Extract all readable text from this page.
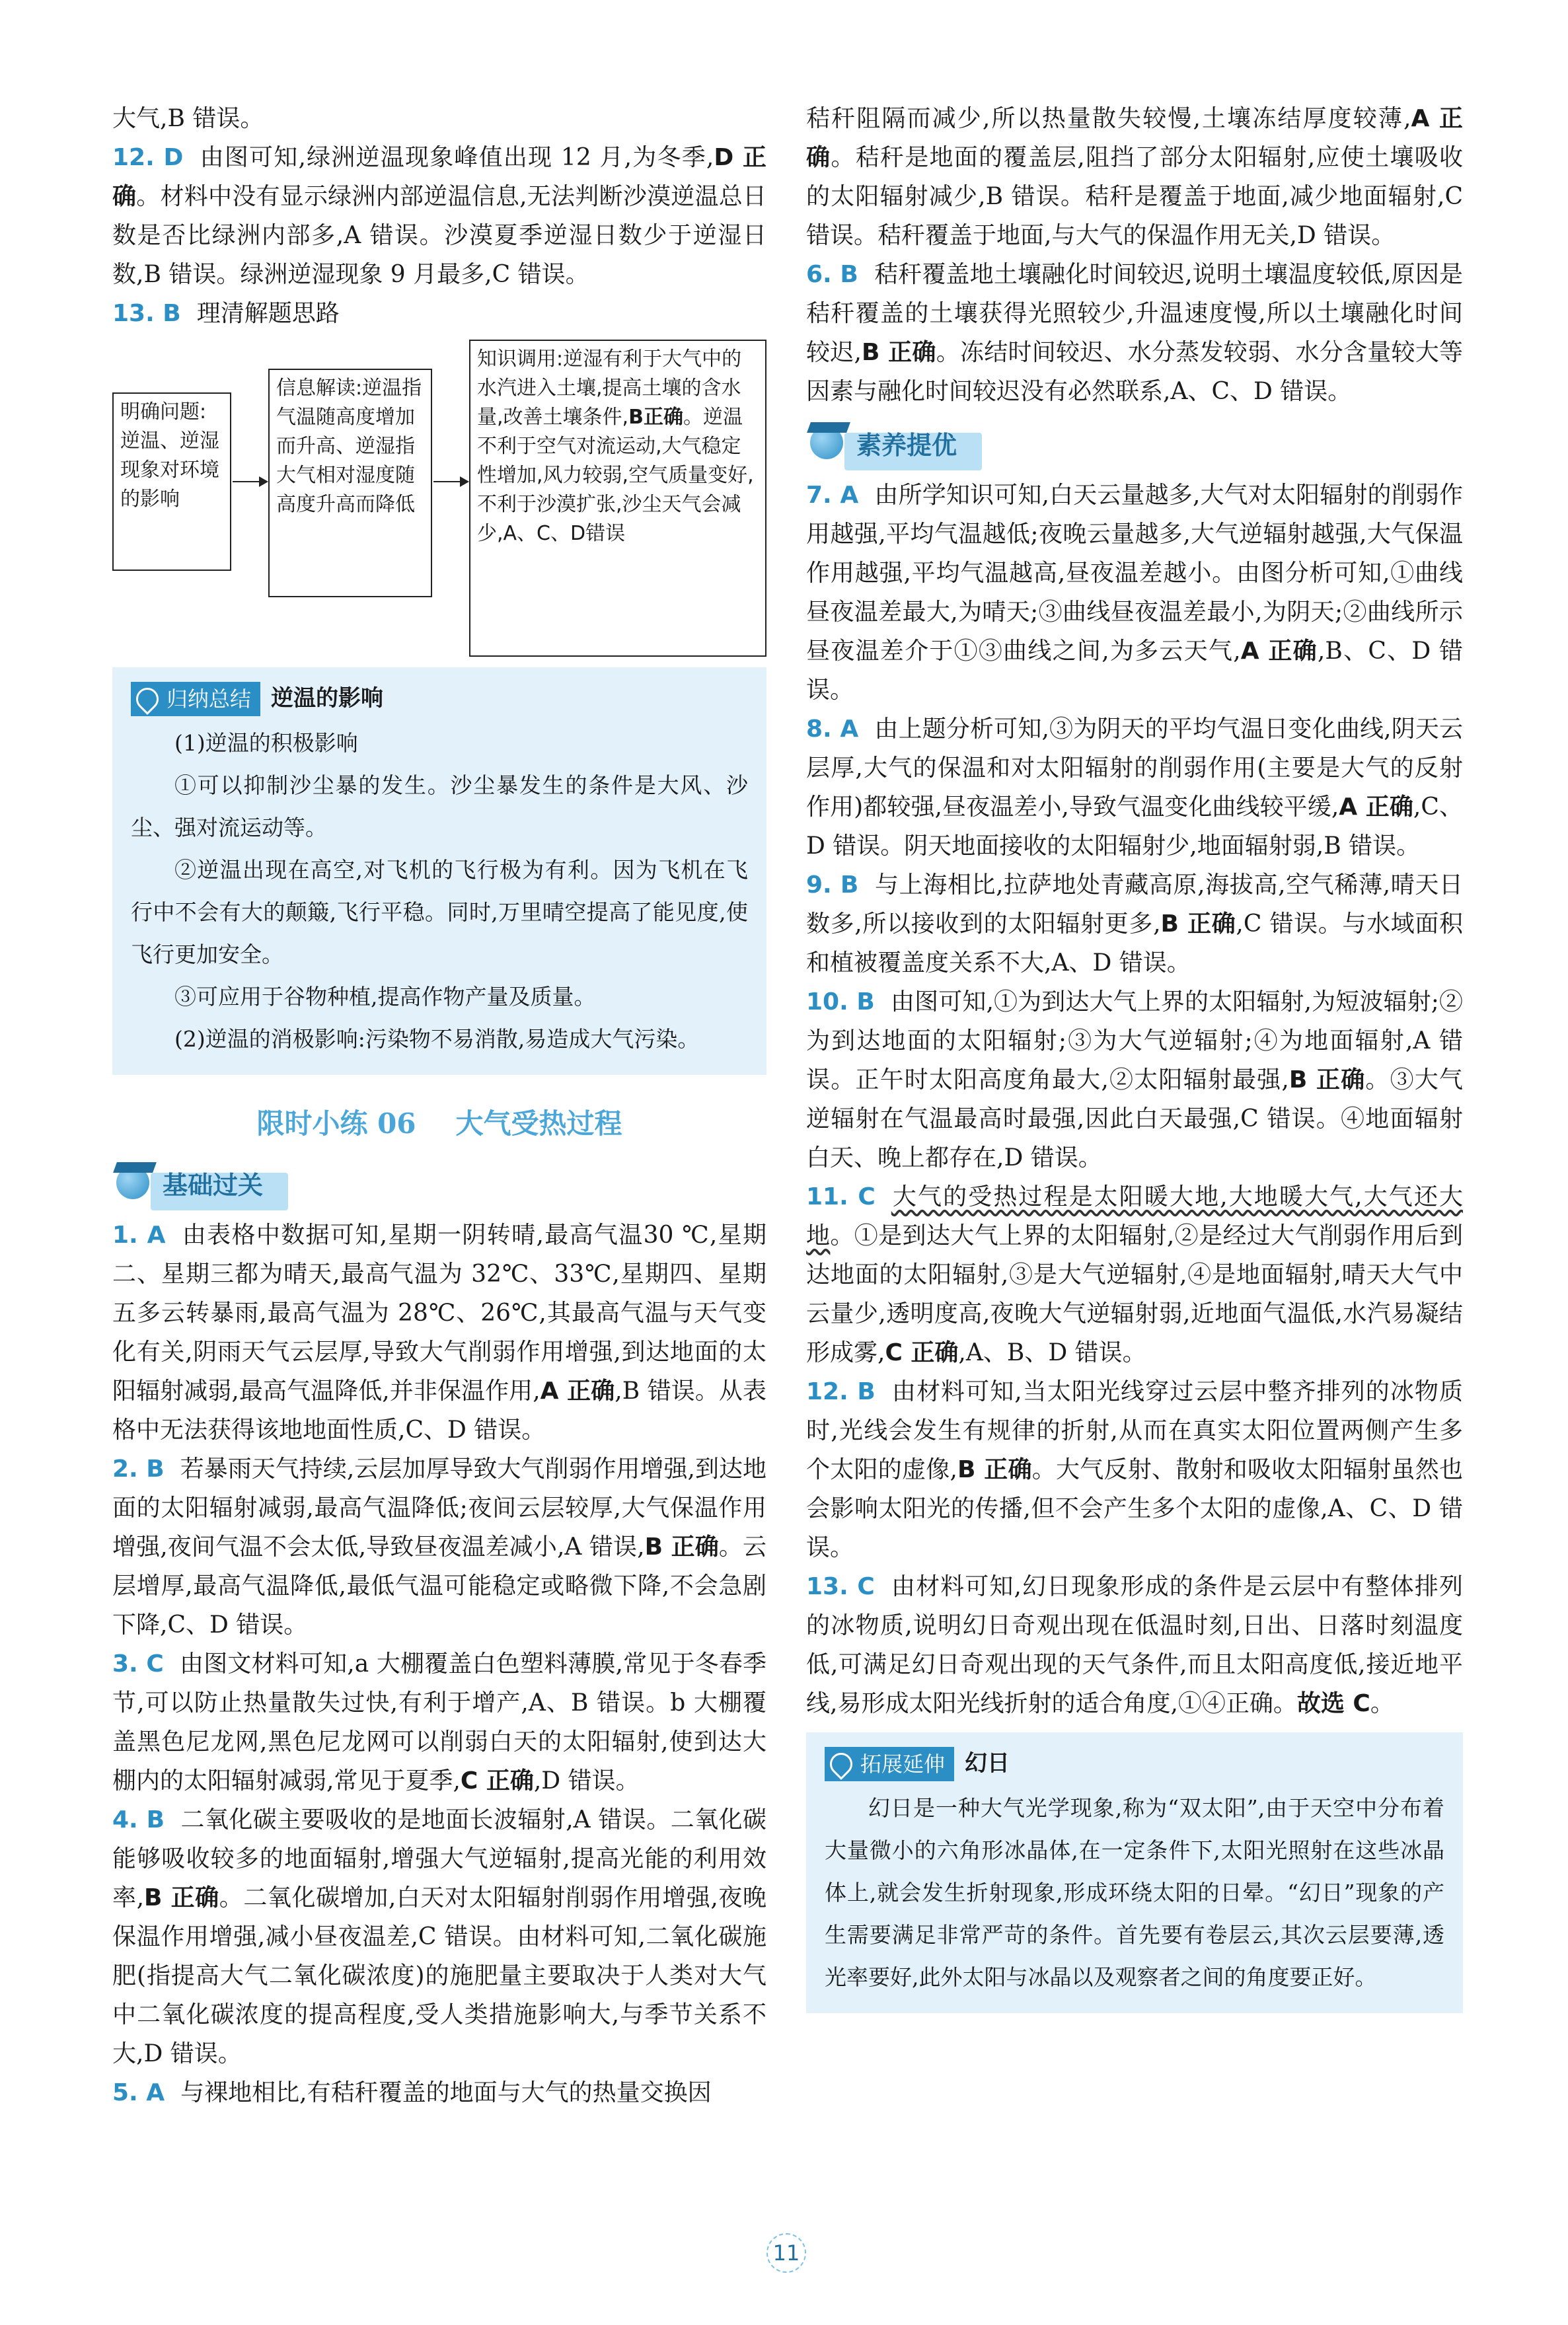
大气,B 错误。

12. D 由图可知,绿洲逆温现象峰值出现 12 月,为冬季,D 正确。材料中没有显示绿洲内部逆温信息,无法判断沙漠逆温总日数是否比绿洲内部多,A 错误。沙漠夏季逆湿日数少于逆湿日数,B 错误。绿洲逆湿现象 9 月最多,C 错误。

13. B 理清解题思路

明确问题:逆温、逆湿现象对环境的影响
信息解读:逆温指气温随高度增加而升高、逆湿指大气相对湿度随高度升高而降低
知识调用:逆湿有利于大气中的水汽进入土壤,提高土壤的含水量,改善土壤条件,B正确。逆温不利于空气对流运动,大气稳定性增加,风力较弱,空气质量变好,不利于沙漠扩张,沙尘天气会减少,A、C、D错误
归纳总结 逆温的影响

(1)逆温的积极影响

①可以抑制沙尘暴的发生。沙尘暴发生的条件是大风、沙尘、强对流运动等。

②逆温出现在高空,对飞机的飞行极为有利。因为飞机在飞行中不会有大的颠簸,飞行平稳。同时,万里晴空提高了能见度,使飞行更加安全。

③可应用于谷物种植,提高作物产量及质量。

(2)逆温的消极影响:污染物不易消散,易造成大气污染。

限时小练 06 大气受热过程
基础过关

1. A 由表格中数据可知,星期一阴转晴,最高气温30 ℃,星期二、星期三都为晴天,最高气温为 32℃、33℃,星期四、星期五多云转暴雨,最高气温为 28℃、26℃,其最高气温与天气变化有关,阴雨天气云层厚,导致大气削弱作用增强,到达地面的太阳辐射减弱,最高气温降低,并非保温作用,A 正确,B 错误。从表格中无法获得该地地面性质,C、D 错误。

2. B 若暴雨天气持续,云层加厚导致大气削弱作用增强,到达地面的太阳辐射减弱,最高气温降低;夜间云层较厚,大气保温作用增强,夜间气温不会太低,导致昼夜温差减小,A 错误,B 正确。云层增厚,最高气温降低,最低气温可能稳定或略微下降,不会急剧下降,C、D 错误。

3. C 由图文材料可知,a 大棚覆盖白色塑料薄膜,常见于冬春季节,可以防止热量散失过快,有利于增产,A、B 错误。b 大棚覆盖黑色尼龙网,黑色尼龙网可以削弱白天的太阳辐射,使到达大棚内的太阳辐射减弱,常见于夏季,C 正确,D 错误。

4. B 二氧化碳主要吸收的是地面长波辐射,A 错误。二氧化碳能够吸收较多的地面辐射,增强大气逆辐射,提高光能的利用效率,B 正确。二氧化碳增加,白天对太阳辐射削弱作用增强,夜晚保温作用增强,减小昼夜温差,C 错误。由材料可知,二氧化碳施肥(指提高大气二氧化碳浓度)的施肥量主要取决于人类对大气中二氧化碳浓度的提高程度,受人类措施影响大,与季节关系不大,D 错误。

5. A 与裸地相比,有秸秆覆盖的地面与大气的热量交换因

秸秆阻隔而减少,所以热量散失较慢,土壤冻结厚度较薄,A 正确。秸秆是地面的覆盖层,阻挡了部分太阳辐射,应使土壤吸收的太阳辐射减少,B 错误。秸秆是覆盖于地面,减少地面辐射,C 错误。秸秆覆盖于地面,与大气的保温作用无关,D 错误。

6. B 秸秆覆盖地土壤融化时间较迟,说明土壤温度较低,原因是秸秆覆盖的土壤获得光照较少,升温速度慢,所以土壤融化时间较迟,B 正确。冻结时间较迟、水分蒸发较弱、水分含量较大等因素与融化时间较迟没有必然联系,A、C、D 错误。

素养提优

7. A 由所学知识可知,白天云量越多,大气对太阳辐射的削弱作用越强,平均气温越低;夜晚云量越多,大气逆辐射越强,大气保温作用越强,平均气温越高,昼夜温差越小。由图分析可知,①曲线昼夜温差最大,为晴天;③曲线昼夜温差最小,为阴天;②曲线所示昼夜温差介于①③曲线之间,为多云天气,A 正确,B、C、D 错误。

8. A 由上题分析可知,③为阴天的平均气温日变化曲线,阴天云层厚,大气的保温和对太阳辐射的削弱作用(主要是大气的反射作用)都较强,昼夜温差小,导致气温变化曲线较平缓,A 正确,C、D 错误。阴天地面接收的太阳辐射少,地面辐射弱,B 错误。

9. B 与上海相比,拉萨地处青藏高原,海拔高,空气稀薄,晴天日数多,所以接收到的太阳辐射更多,B 正确,C 错误。与水域面积和植被覆盖度关系不大,A、D 错误。

10. B 由图可知,①为到达大气上界的太阳辐射,为短波辐射;②为到达地面的太阳辐射;③为大气逆辐射;④为地面辐射,A 错误。正午时太阳高度角最大,②太阳辐射最强,B 正确。③大气逆辐射在气温最高时最强,因此白天最强,C 错误。④地面辐射白天、晚上都存在,D 错误。

11. C 大气的受热过程是太阳暖大地,大地暖大气,大气还大地。①是到达大气上界的太阳辐射,②是经过大气削弱作用后到达地面的太阳辐射,③是大气逆辐射,④是地面辐射,晴天大气中云量少,透明度高,夜晚大气逆辐射弱,近地面气温低,水汽易凝结形成雾,C 正确,A、B、D 错误。

12. B 由材料可知,当太阳光线穿过云层中整齐排列的冰物质时,光线会发生有规律的折射,从而在真实太阳位置两侧产生多个太阳的虚像,B 正确。大气反射、散射和吸收太阳辐射虽然也会影响太阳光的传播,但不会产生多个太阳的虚像,A、C、D 错误。

13. C 由材料可知,幻日现象形成的条件是云层中有整体排列的冰物质,说明幻日奇观出现在低温时刻,日出、日落时刻温度低,可满足幻日奇观出现的天气条件,而且太阳高度低,接近地平线,易形成太阳光线折射的适合角度,①④正确。故选 C。

拓展延伸 幻日

幻日是一种大气光学现象,称为“双太阳”,由于天空中分布着大量微小的六角形冰晶体,在一定条件下,太阳光照射在这些冰晶体上,就会发生折射现象,形成环绕太阳的日晕。“幻日”现象的产生需要满足非常严苛的条件。首先要有卷层云,其次云层要薄,透光率要好,此外太阳与冰晶以及观察者之间的角度要正好。

11
